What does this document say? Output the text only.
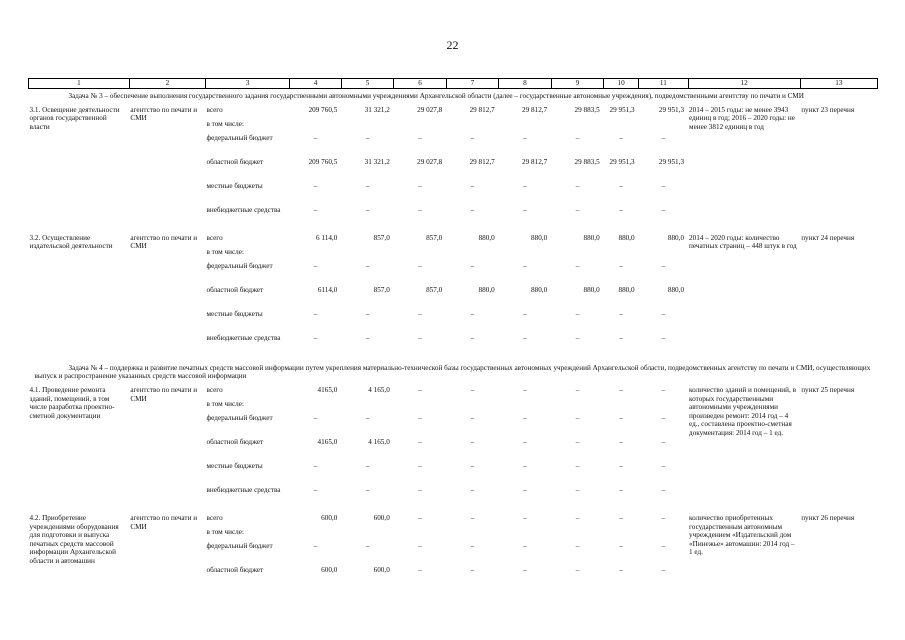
22
1	2	3	4	5	6	7	8	9	10	11	12	13
Задача № 3 – обеспечение выполнения государственного задания государственными автономными учреждениями Архангельской области (далее – государственные автономные учреждения), подведомственными агентству по печати и СМИ												
3.1. Освещение деятельности органов государственной власти	агентство по печати и СМИ	всего	209 760,5	31 321,2	29 027,8	29 812,7	29 812,7	29 883,5	29 951,3	29 951,3	2014 – 2015 годы: не менее 3943 единиц в год; 2016 – 2020 годы: не менее 3812 единиц в год	пункт 23 перечня
		в том числе:										
		федеральный бюджет	–	–	–	–	–	–	–	–		
		областной бюджет	209 760,5	31 321,2	29 027,8	29 812,7	29 812,7	29 883,5	29 951,3	29 951,3		
		местные бюджеты	–	–	–	–	–	–	–	–		
		внебюджетные средства	–	–	–	–	–	–	–	–		

3.2. Осуществление издательской деятельности	агентство по печати и СМИ	всего	6 114,0	857,0	857,0	880,0	880,0	880,0	880,0	880,0	2014 – 2020 годы: количество печатных страниц – 448 штук в год	пункт 24 перечня
		в том числе:										
		федеральный бюджет	–	–	–	–	–	–	–	–		
		областной бюджет	6114,0	857,0	857,0	880,0	880,0	880,0	880,0	880,0		
		местные бюджеты	–	–	–	–	–	–	–	–		
		внебюджетные средства	–	–	–	–	–	–	–	–		

Задача № 4 – поддержка и развитие печатных средств массовой информации путем укрепления материально-технической базы государственных автономных учреждений Архангельской области, подведомственных агентству по печати и СМИ, осуществляющих выпуск и распространение указанных средств массовой информации												
4.1. Проведение ремонта зданий, помещений, в том числе разработка проектно-сметной документации	агентство по печати и СМИ	всего	4165,0	4 165,0	–	–	–	–	–	–	количество зданий и помещений, в которых государственными автономными учреждениями произведен ремонт: 2014 год – 4 ед., составлена проектно-сметная документация: 2014 год – 1 ед.	пункт 25 перечня
		в том числе:										
		федеральный бюджет	–	–	–	–	–	–	–	–		
		областной бюджет	4165,0	4 165,0	–	–	–	–	–	–		
		местные бюджеты	–	–	–	–	–	–	–	–		
		внебюджетные средства	–	–	–	–	–	–	–	–		

4.2. Приобретение учреждениями оборудования для подготовки и выпуска печатных средств массовой информации Архангельской области и автомашин	агентство по печати и СМИ	всего	600,0	600,0	–	–	–	–	–	–	количество приобретенных государственным автономным учреждением «Издательский дом «Пинежье» автомашин: 2014 год – 1 ед.	пункт 26 перечня
		в том числе:										
		федеральный бюджет	–	–	–	–	–	–	–	–		
		областной бюджет	600,0	600,0	–	–	–	–	–	–		
